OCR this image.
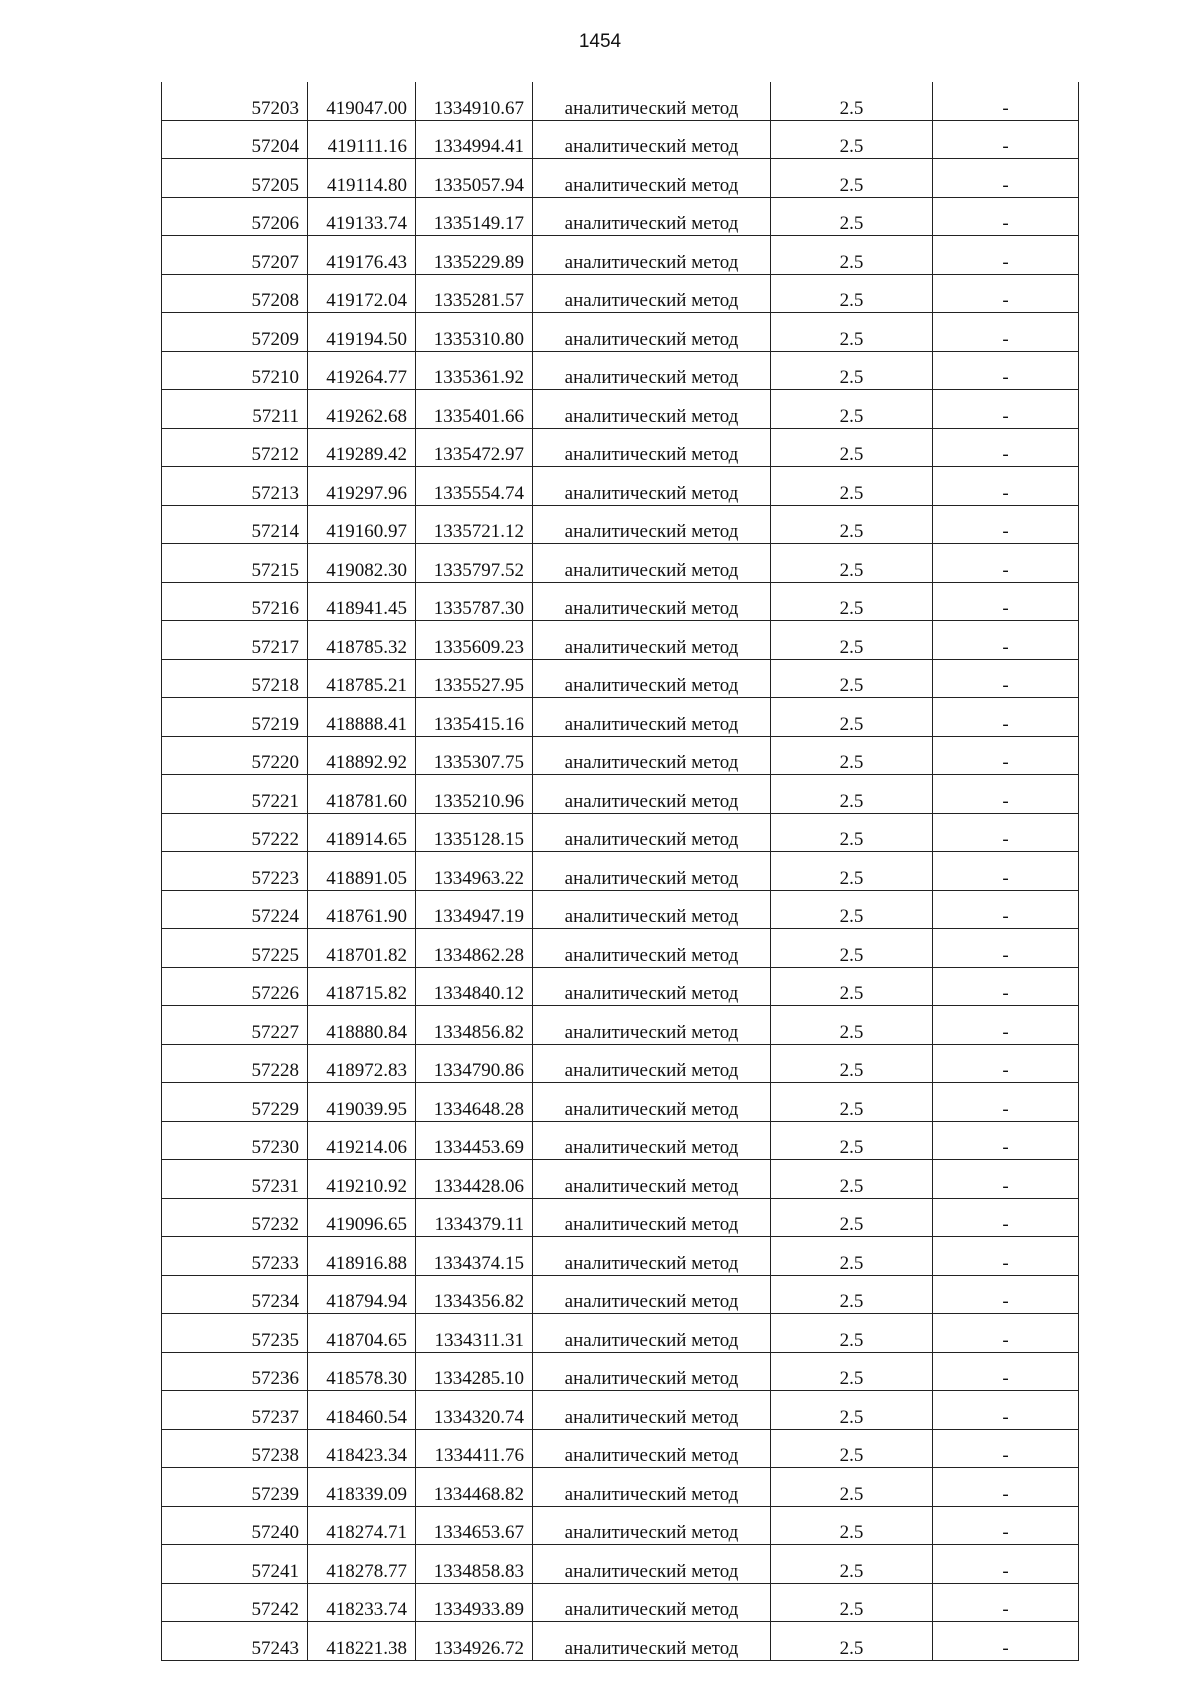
1454
57203	419047.00	1334910.67	аналитический метод	2.5	-
57204	419111.16	1334994.41	аналитический метод	2.5	-
57205	419114.80	1335057.94	аналитический метод	2.5	-
57206	419133.74	1335149.17	аналитический метод	2.5	-
57207	419176.43	1335229.89	аналитический метод	2.5	-
57208	419172.04	1335281.57	аналитический метод	2.5	-
57209	419194.50	1335310.80	аналитический метод	2.5	-
57210	419264.77	1335361.92	аналитический метод	2.5	-
57211	419262.68	1335401.66	аналитический метод	2.5	-
57212	419289.42	1335472.97	аналитический метод	2.5	-
57213	419297.96	1335554.74	аналитический метод	2.5	-
57214	419160.97	1335721.12	аналитический метод	2.5	-
57215	419082.30	1335797.52	аналитический метод	2.5	-
57216	418941.45	1335787.30	аналитический метод	2.5	-
57217	418785.32	1335609.23	аналитический метод	2.5	-
57218	418785.21	1335527.95	аналитический метод	2.5	-
57219	418888.41	1335415.16	аналитический метод	2.5	-
57220	418892.92	1335307.75	аналитический метод	2.5	-
57221	418781.60	1335210.96	аналитический метод	2.5	-
57222	418914.65	1335128.15	аналитический метод	2.5	-
57223	418891.05	1334963.22	аналитический метод	2.5	-
57224	418761.90	1334947.19	аналитический метод	2.5	-
57225	418701.82	1334862.28	аналитический метод	2.5	-
57226	418715.82	1334840.12	аналитический метод	2.5	-
57227	418880.84	1334856.82	аналитический метод	2.5	-
57228	418972.83	1334790.86	аналитический метод	2.5	-
57229	419039.95	1334648.28	аналитический метод	2.5	-
57230	419214.06	1334453.69	аналитический метод	2.5	-
57231	419210.92	1334428.06	аналитический метод	2.5	-
57232	419096.65	1334379.11	аналитический метод	2.5	-
57233	418916.88	1334374.15	аналитический метод	2.5	-
57234	418794.94	1334356.82	аналитический метод	2.5	-
57235	418704.65	1334311.31	аналитический метод	2.5	-
57236	418578.30	1334285.10	аналитический метод	2.5	-
57237	418460.54	1334320.74	аналитический метод	2.5	-
57238	418423.34	1334411.76	аналитический метод	2.5	-
57239	418339.09	1334468.82	аналитический метод	2.5	-
57240	418274.71	1334653.67	аналитический метод	2.5	-
57241	418278.77	1334858.83	аналитический метод	2.5	-
57242	418233.74	1334933.89	аналитический метод	2.5	-
57243	418221.38	1334926.72	аналитический метод	2.5	-
